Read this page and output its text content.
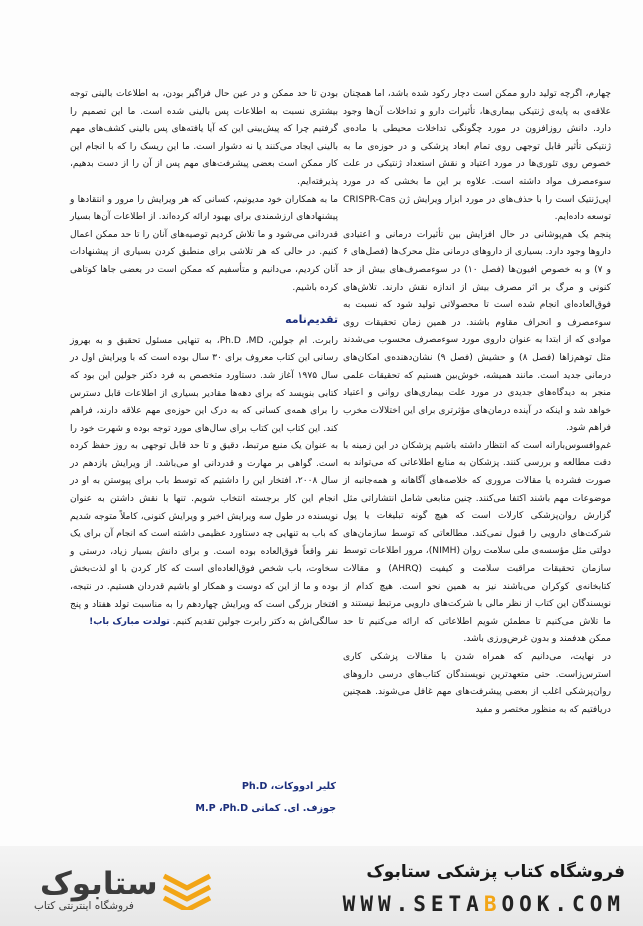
چهارم، اگرچه تولید دارو ممکن است دچار رکود شده باشد، اما همچنان علاقه‌ی به پایه‌ی ژنتیکی بیماری‌ها، تأثیرات دارو و تداخلات آن‌ها وجود دارد. دانش روزافزون در مورد چگونگی تداخلات محیطی با ماده‌ی ژنتیکی تأثیر قابل توجهی روی تمام ابعاد پزشکی و در حوزه‌ی ما به خصوص روی تئوری‌ها در مورد اعتیاد و نقش استعداد ژنتیکی در علت سوءمصرف مواد داشته است. علاوه بر این ما بخشی که در مورد اپی‌ژنتیک است را با حذف‌های در مورد ابزار ویرایش ژن CRISPR-Cas توسعه داده‌ایم.

پنجم یک هم‌پوشانی در حال افزایش بین تأثیرات درمانی و اعتیادی داروها وجود دارد. بسیاری از داروهای درمانی مثل محرک‌ها (فصل‌های ۶ و ۷) و به خصوص افیون‌ها (فصل ۱۰) در سوءمصرف‌های بیش از حد کنونی و مرگ بر اثر مصرف بیش از اندازه نقش دارند. تلاش‌های فوق‌العاده‌ای انجام شده است تا محصولاتی تولید شود که نسبت به سوءمصرف و انحراف مقاوم باشند. در همین زمان تحقیقات روی موادی که از ابتدا به عنوان داروی مورد سوءمصرف محسوب می‌شدند مثل توهم‌زاها (فصل ۸) و حشیش (فصل ۹) نشان‌دهنده‌ی امکان‌های درمانی جدید است. مانند همیشه، خوش‌بین هستیم که تحقیقات علمی منجر به دیدگاه‌های جدیدی در مورد علت بیماری‌های روانی و اعتیاد خواهد شد و اینکه در آینده درمان‌های مؤثرتری برای این اختلالات مخرب فراهم شود.

غم‌وافسوس‌بارانه است که انتظار داشته باشیم پزشکان در این زمینه با دقت مطالعه و بررسی کنند. پزشکان به منابع اطلاعاتی که می‌تواند به صورت فشرده یا مقالات مروری که خلاصه‌های آگاهانه و همه‌جانبه از موضوعات مهم باشند اکتفا می‌کنند. چنین منابعی شامل انتشاراتی مثل گزارش روان‌پزشکی کارلات است که هیچ گونه تبلیغات یا پول شرکت‌های دارویی را قبول نمی‌کند. مطالعاتی که توسط سازمان‌های دولتی مثل مؤسسه‌ی ملی سلامت روان (NIMH)، مرور اطلاعات توسط سازمان تحقیقات مراقبت سلامت و کیفیت (AHRQ) و مقالات کتابخانه‌ی کوکران می‌باشند نیز به همین نحو است. هیچ کدام از نویسندگان این کتاب از نظر مالی با شرکت‌های دارویی مرتبط نیستند و ما تلاش می‌کنیم تا مطمئن شویم اطلاعاتی که ارائه می‌کنیم تا حد ممکن هدفمند و بدون غرض‌ورزی باشد.

در نهایت، می‌دانیم که همراه شدن با مقالات پزشکی کاری استرس‌زاست. حتی متعهدترین نویسندگان کتاب‌های درسی داروهای روان‌پزشکی اغلب از بعضی پیشرفت‌های مهم غافل می‌شوند. همچنین دریافتیم که به منظور مختصر و مفید

بودن تا حد ممکن و در عین حال فراگیر بودن، به اطلاعات بالینی توجه بیشتری نسبت به اطلاعات پس بالینی شده است. ما این تصمیم را گرفتیم چرا که پیش‌بینی این که آیا یافته‌های پس بالینی کشف‌های مهم بالینی ایجاد می‌کنند یا نه دشوار است. ما این ریسک را که با انجام این کار ممکن است بعضی پیشرفت‌های مهم پس از آن را از دست بدهیم، پذیرفته‌ایم.

ما به همکاران خود مدیونیم، کسانی که هر ویرایش را مرور و انتقادها و پیشنهادهای ارزشمندی برای بهبود ارائه کرده‌اند. از اطلاعات آن‌ها بسیار قدردانی می‌شود و ما تلاش کردیم توصیه‌های آنان را تا حد ممکن اعمال کنیم. در حالی که هر تلاشی برای منطبق کردن بسیاری از پیشنهادات آنان کردیم، می‌دانیم و متأسفیم که ممکن است در بعضی جاها کوتاهی کرده باشیم.

تقدیم‌نامه

رابرت. ام جولین، Ph.D ،MD، به تنهایی مسئول تحقیق و به بهروز رسانی این کتاب معروف برای ۳۰ سال بوده است که با ویرایش اول در سال ۱۹۷۵ آغاز شد. دستاورد متخصص به فرد دکتر جولین این بود که کتابی بنویسد که برای دهه‌ها مقادیر بسیاری از اطلاعات قابل دسترس را برای همه‌ی کسانی که به درک این حوزه‌ی مهم علاقه دارند، فراهم کند. این کتاب این کتاب برای سال‌های مورد توجه بوده و شهرت خود را به عنوان یک منبع مرتبط، دقیق و تا حد قابل توجهی به روز حفظ کرده است. گواهی بر مهارت و قدردانی او می‌باشد. از ویرایش یازدهم در سال ۲۰۰۸، افتخار این را داشتیم که توسط باب برای پیوستن به او در انجام این کار برجسته انتخاب شویم. تنها با نقش داشتن به عنوان نویسنده در طول سه ویرایش اخیر و ویرایش کنونی، کاملاً متوجه شدیم که باب به تنهایی چه دستاورد عظیمی داشته است که انجام آن برای یک نفر واقعاً فوق‌العاده بوده است. و برای دانش بسیار زیاد، درستی و سخاوت، باب شخص فوق‌العاده‌ای است که کار کردن با او لذت‌بخش بوده و ما از این که دوست و همکار او باشیم قدردان هستیم. در نتیجه، افتخار بزرگی است که ویرایش چهاردهم را به مناسبت تولد هفتاد و پنج سالگی‌اش به دکتر رابرت جولین تقدیم کنیم. تولدت مبارک باب!

کلیر ادووکات، Ph.D
جوزف. ای. کماتی M.P ،Ph.D
فروشگاه کتاب پزشکی ستابوک
WWW.SETABOOK.COM
ستابوک
فروشگاه اینترنتی کتاب
